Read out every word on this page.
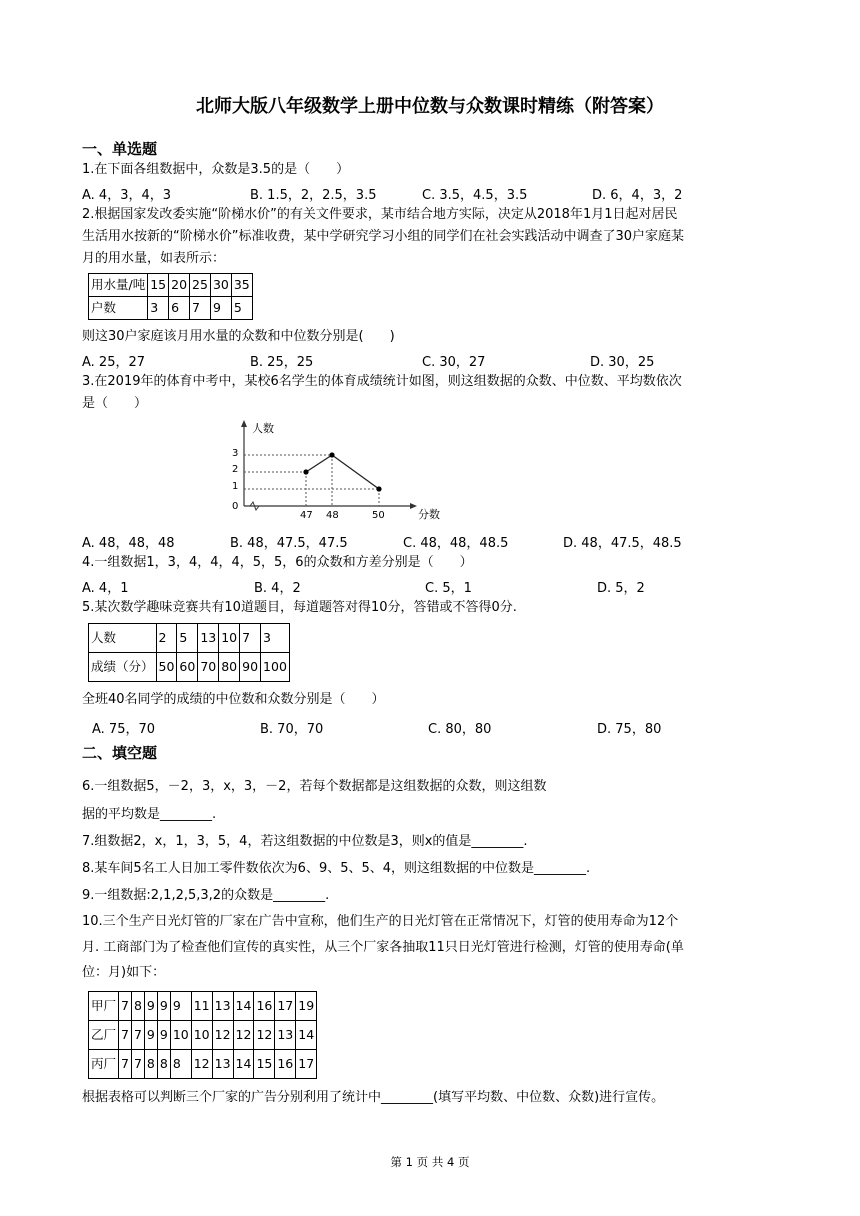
北师大版八年级数学上册中位数与众数课时精练（附答案）
一、单选题
1.在下面各组数据中，众数是3.5的是（　　）
A. 4，3，4，3	B. 1.5，2，2.5，3.5	C. 3.5，4.5，3.5	D. 6，4，3，2
2.根据国家发改委实施“阶梯水价”的有关文件要求，某市结合地方实际，决定从2018年1月1日起对居民
生活用水按新的“阶梯水价”标准收费，某中学研究学习小组的同学们在社会实践活动中调查了30户家庭某
月的用水量，如表所示：
用水量/吨	15	20	25	30	35
户数	3	6	7	9	5
则这30户家庭该月用水量的众数和中位数分别是(　　)
A. 25，27	B. 25，25	C. 30，27	D. 30，25
3.在2019年的体育中考中，某校6名学生的体育成绩统计如图，则这组数据的众数、中位数、平均数依次
是（　　）
人数
分数
0
1
2
3
47 48	50
A. 48，48，48	B. 48，47.5，47.5	C. 48，48，48.5	D. 48，47.5，48.5
4.一组数据1，3，4，4，4，5，5，6的众数和方差分别是（　　）
A. 4，1	B. 4，2	C. 5，1	D. 5，2
5.某次数学趣味竞赛共有10道题目，每道题答对得10分，答错或不答得0分.
人数	2	5	13	10	7	3
成绩（分）	50	60	70	80	90	100
全班40名同学的成绩的中位数和众数分别是（　　）
A. 75，70	B. 70，70	C. 80，80	D. 75，80
二、填空题
6.一组数据5，－2，3，x，3，－2，若每个数据都是这组数据的众数，则这组数
据的平均数是________.
7.组数据2，x，1，3，5，4，若这组数据的中位数是3，则x的值是________.
8.某车间5名工人日加工零件数依次为6、9、5、5、4，则这组数据的中位数是________.
9.一组数据:2,1,2,5,3,2的众数是________.
10.三个生产日光灯管的厂家在广告中宣称，他们生产的日光灯管在正常情况下，灯管的使用寿命为12个
月. 工商部门为了检查他们宣传的真实性，从三个厂家各抽取11只日光灯管进行检测，灯管的使用寿命(单
位：月)如下：
甲厂	7	8	9	9	9	11	13	14	16	17	19
乙厂	7	7	9	9	10	10	12	12	12	13	14
丙厂	7	7	8	8	8	12	13	14	15	16	17
根据表格可以判断三个厂家的广告分别利用了统计中________(填写平均数、中位数、众数)进行宣传。
第 1 页 共 4 页
